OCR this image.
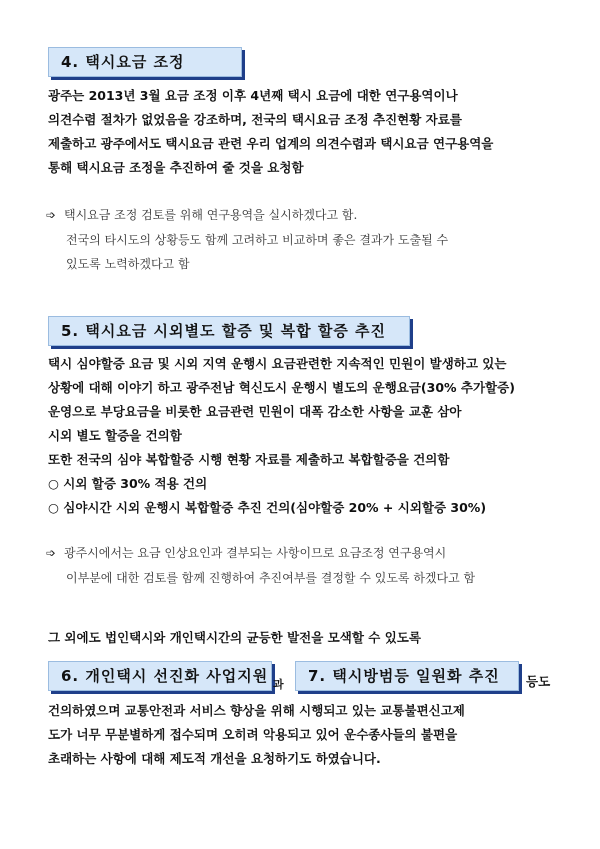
4. 택시요금 조정
광주는 2013년 3월 요금 조정 이후 4년째 택시 요금에 대한 연구용역이나
의견수렴 절차가 없었음을 강조하며, 전국의 택시요금 조정 추진현황 자료를
제출하고 광주에서도 택시요금 관련 우리 업계의 의견수렴과 택시요금 연구용역을
통해 택시요금 조정을 추진하여 줄 것을 요청함
➩ 택시요금 조정 검토를 위해 연구용역을 실시하겠다고 함.
전국의 타시도의 상황등도 함께 고려하고 비교하며 좋은 결과가 도출될 수
있도록 노력하겠다고 함
5. 택시요금 시외별도 할증 및 복합 할증 추진
택시 심야할증 요금 및 시외 지역 운행시 요금관련한 지속적인 민원이 발생하고 있는
상황에 대해 이야기 하고 광주전남 혁신도시 운행시 별도의 운행요금(30% 추가할증)
운영으로 부당요금을 비롯한 요금관련 민원이 대폭 감소한 사항을 교훈 삼아
시외 별도 할증을 건의함
또한 전국의 심야 복합할증 시행 현황 자료를 제출하고 복합할증을 건의함
○ 시외 할증 30% 적용 건의
○ 심야시간 시외 운행시 복합할증 추진 건의(심야할증 20% + 시외할증 30%)
➩ 광주시에서는 요금 인상요인과 결부되는 사항이므로 요금조정 연구용역시
이부분에 대한 검토를 함께 진행하여 추진여부를 결정할 수 있도록 하겠다고 함
그 외에도 법인택시와 개인택시간의 균등한 발전을 모색할 수 있도록
6. 개인택시 선진화 사업지원 과	7. 택시방범등 일원화 추진	등도
건의하였으며 교통안전과 서비스 향상을 위해 시행되고 있는 교통불편신고제
도가 너무 무분별하게 접수되며 오히려 악용되고 있어 운수종사들의 불편을
초래하는 사항에 대해 제도적 개선을 요청하기도 하였습니다.
